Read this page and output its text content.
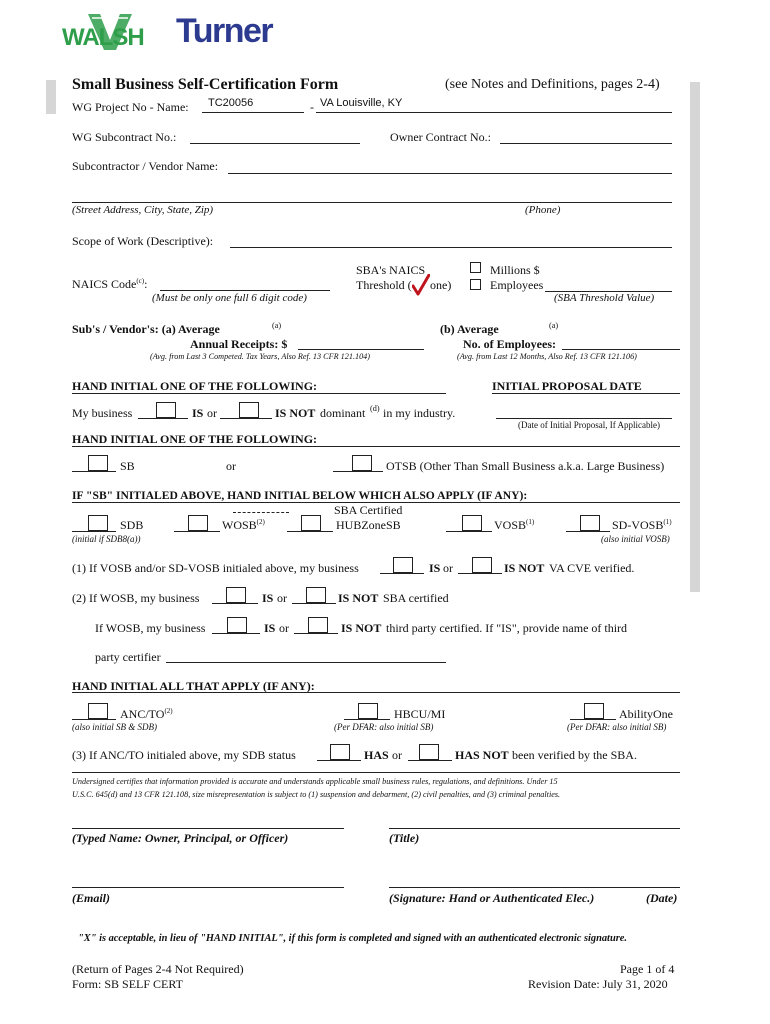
WALSH Turner
Small Business Self-Certification Form	(see Notes and Definitions, pages 2-4)
WG Project No - Name: TC20056	- VA Louisville, KY
WG Subcontract No.:	Owner Contract No.:
Subcontractor / Vendor Name:
(Street Address, City, State, Zip)	(Phone)
Scope of Work (Descriptive):
NAICS Code$^{(c)}$:
(Must be only one full 6 digit code)
SBA's NAICS
Threshold ( one)
Millions $
Employees
(SBA Threshold Value)
Sub's / Vendor's: (a) Average	(a)
Annual Receipts: $
(Avg. from Last 3 Competed. Tax Years, Also Ref. 13 CFR 121.104)
(b) Average	(a)
No. of Employees:
(Avg. from Last 12 Months, Also Ref. 13 CFR 121.106)
HAND INITIAL ONE OF THE FOLLOWING:	INITIAL PROPOSAL DATE
My business	IS or	IS NOT dominant (d) in my industry.
(Date of Initial Proposal, If Applicable)
HAND INITIAL ONE OF THE FOLLOWING:
SB	or	OTSB (Other Than Small Business a.k.a. Large Business)
IF "SB" INITIALED ABOVE, HAND INITIAL BELOW WHICH ALSO APPLY (IF ANY):
SBA Certified
SDB	WOSB$^{(2)}$	HUBZoneSB	VOSB$^{(1)}$	SD-VOSB$^{(1)}$
(initial if SDB8(a))	(also initial VOSB)
(1) If VOSB and/or SD-VOSB initialed above, my business	IS or	IS NOT VA CVE verified.
(2) If WOSB, my business	IS or	IS NOT SBA certified
If WOSB, my business	IS or	IS NOT third party certified. If "IS", provide name of third
party certifier
HAND INITIAL ALL THAT APPLY (IF ANY):
ANC/TO$^{(2)}$	HBCU/MI	AbilityOne
(also initial SB & SDB)	(Per DFAR: also initial SB)	(Per DFAR: also initial SB)
(3) If ANC/TO initialed above, my SDB status	HAS or	HAS NOT been verified by the SBA.
Undersigned certifies that information provided is accurate and understands applicable small business rules, regulations, and definitions. Under 15
U.S.C. 645(d) and 13 CFR 121.108, size misrepresentation is subject to (1) suspension and debarment, (2) civil penalties, and (3) criminal penalties.
(Typed Name: Owner, Principal, or Officer)	(Title)
(Email)	(Signature: Hand or Authenticated Elec.)	(Date)
"X" is acceptable, in lieu of "HAND INITIAL", if this form is completed and signed with an authenticated electronic signature.
(Return of Pages 2-4 Not Required)	Page 1 of 4
Form: SB SELF CERT	Revision Date: July 31, 2020
